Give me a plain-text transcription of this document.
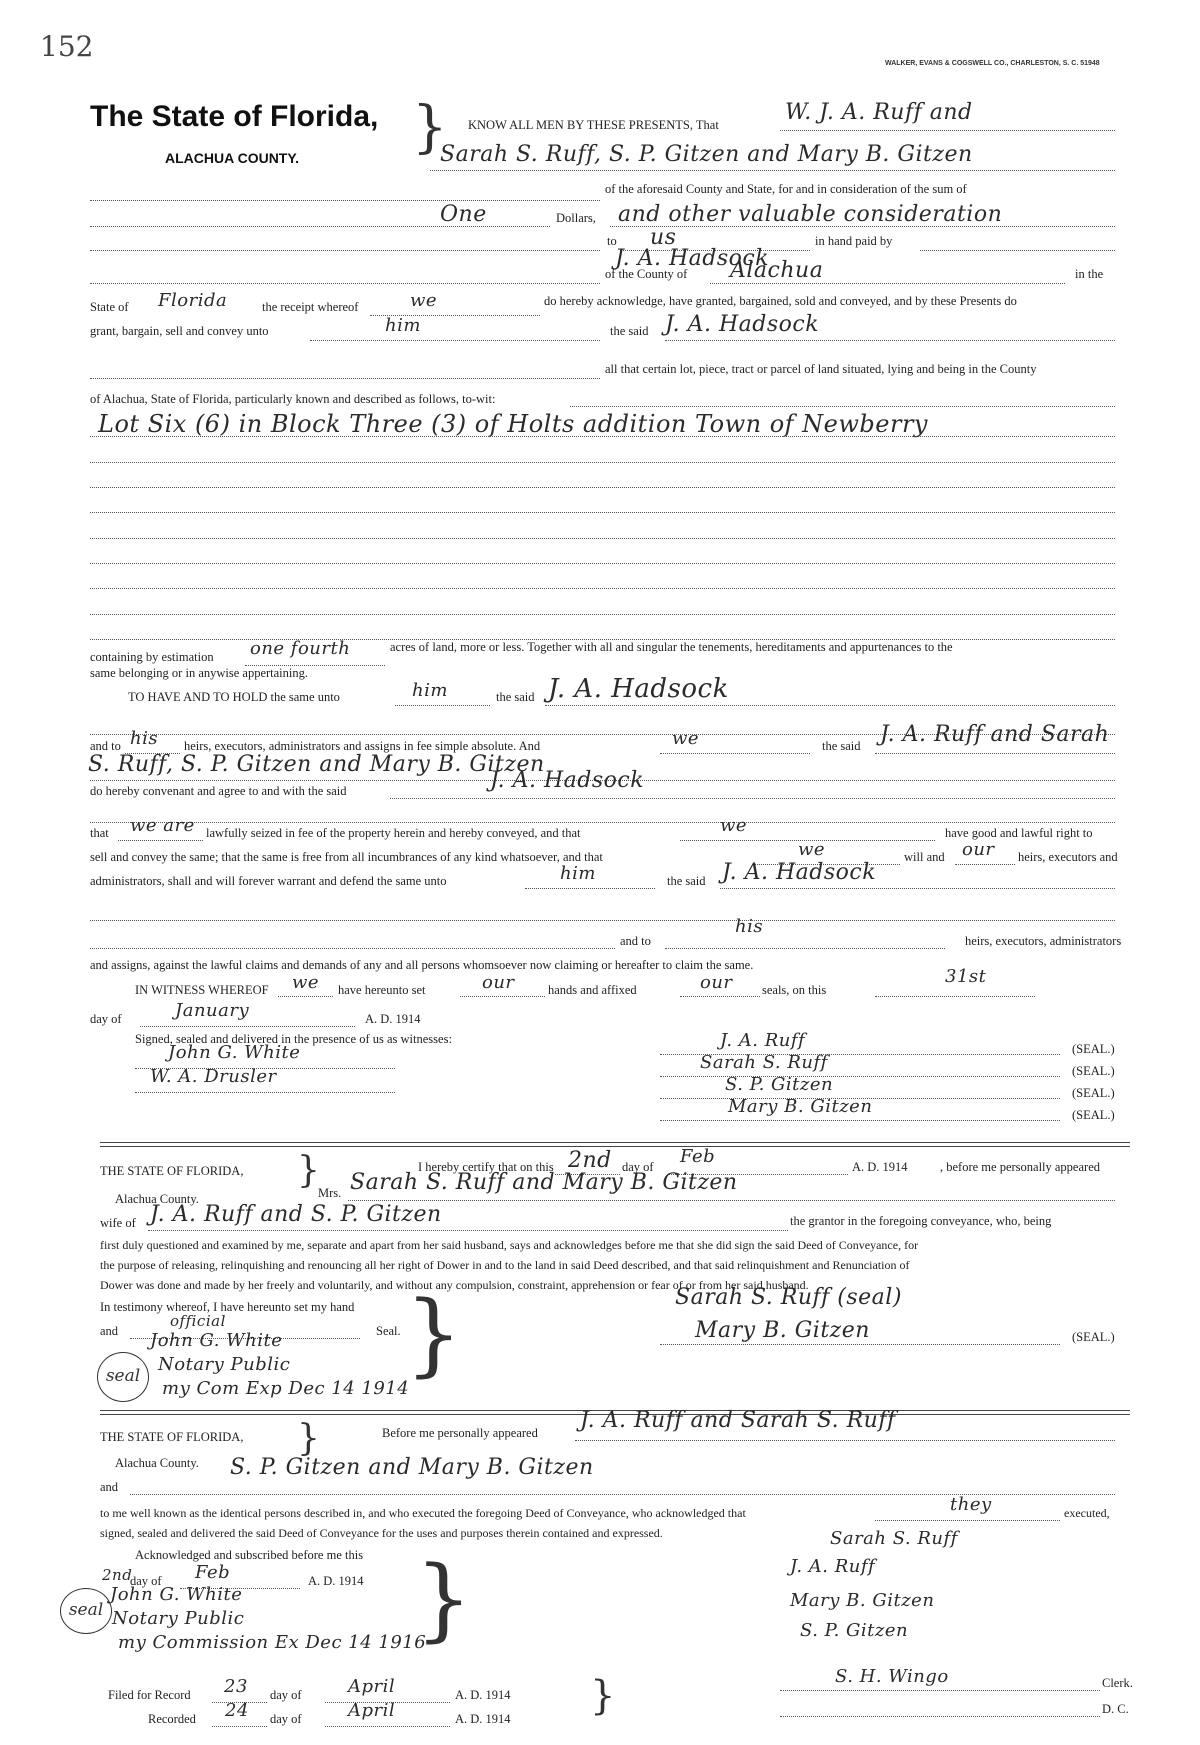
152
WALKER, EVANS & COGSWELL CO., CHARLESTON, S. C. 51948
The State of Florida,
ALACHUA COUNTY. } KNOW ALL MEN BY THESE PRESENTS, That	W. J. A. Ruff and
Sarah S. Ruff, S. P. Gitzen and Mary B. Gitzen
of the aforesaid County and State, for and in consideration of the sum of
One	Dollars, and other valuable consideration
to us	in hand paid by
J. A. Hadsock
of the County of Alachua	in the
State of Florida	the receipt whereof	we	do hereby acknowledge, have granted, bargained, sold and conveyed, and by these Presents do
grant, bargain, sell and convey unto	him	the said J. A. Hadsock
all that certain lot, piece, tract or parcel of land situated, lying and being in the County
of Alachua, State of Florida, particularly known and described as follows, to-wit:
Lot Six (6) in Block Three (3) of Holts addition Town of Newberry
containing by estimation one fourth	acres of land, more or less. Together with all and singular the tenements, hereditaments and appurtenances to the
same belonging or in anywise appertaining.
TO HAVE AND TO HOLD the same unto	him	the said J. A. Hadsock
and to his heirs, executors, administrators and assigns in fee simple absolute. And	we	the said J. A. Ruff and Sarah
S. Ruff, S. P. Gitzen and Mary B. Gitzen
do hereby convenant and agree to and with the said	J. A. Hadsock
that we are lawfully seized in fee of the property herein and hereby conveyed, and that	we	have good and lawful right to
sell and convey the same; that the same is free from all incumbrances of any kind whatsoever, and that	we	will and our heirs, executors and
administrators, shall and will forever warrant and defend the same unto	him	the said J. A. Hadsock
and to
his
heirs, executors, administrators
and assigns, against the lawful claims and demands of any and all persons whomsoever now claiming or hereafter to claim the same.
IN WITNESS WHEREOF we have hereunto set	our	hands and affixed	our seals, on this
31st
day of	January	A. D. 1914
Signed, sealed and delivered in the presence of us as witnesses:
John G. White
W. A. Drusler
J. A. Ruff	(SEAL.)
Sarah S. Ruff	(SEAL.)
S. P. Gitzen	(SEAL.)
Mary B. Gitzen	(SEAL.)
THE STATE OF FLORIDA, }
Alachua County.
I hereby certify that on this 2nd day of Feb	A. D. 1914	, before me personally appeared
Mrs. Sarah S. Ruff and Mary B. Gitzen
wife of J. A. Ruff and S. P. Gitzen	the grantor in the foregoing conveyance, who, being
first duly questioned and examined by me, separate and apart from her said husband, says and acknowledges before me that she did sign the said Deed of Conveyance, for
the purpose of releasing, relinquishing and renouncing all her right of Dower in and to the land in said Deed described, and that said relinquishment and Renunciation of
Dower was done and made by her freely and voluntarily, and without any compulsion, constraint, apprehension or fear of or from her said husband.
In testimony whereof, I have hereunto set my hand }
and
official
Seal.
seal
John G. White
Notary Public
my Com Exp Dec 14 1914
Sarah S. Ruff (seal)
Mary B. Gitzen	(SEAL.)
THE STATE OF FLORIDA, }
Alachua County.
Before me personally appeared J. A. Ruff and Sarah S. Ruff
and
S. P. Gitzen and Mary B. Gitzen
to me well known as the identical persons described in, and who executed the foregoing Deed of Conveyance, who acknowledged that	they	executed,
signed, sealed and delivered the said Deed of Conveyance for the uses and purposes therein contained and expressed.
Acknowledged and subscribed before me this }
2nd
day of Feb	A. D. 1914
seal
John G. White
Notary Public
my Commission Ex Dec 14 1916
Sarah S. Ruff
J. A. Ruff
Mary B. Gitzen
S. P. Gitzen
Filed for Record 23 day of	April	A. D. 1914
Recorded 24 day of	April	A. D. 1914 }	S. H. Wingo	Clerk.
D. C.
